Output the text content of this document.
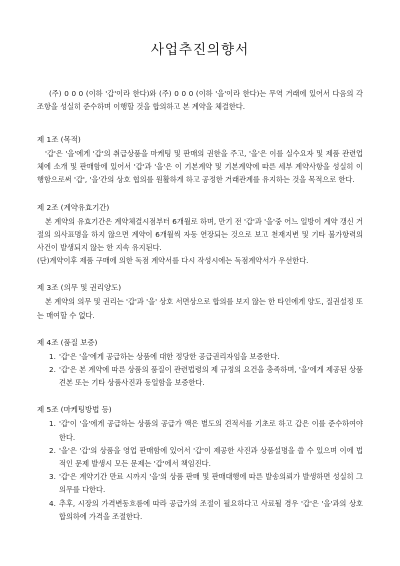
사업추진의향서

(주) 0 0 0 (이하 '갑'이라 한다)와 (주) 0 0 0 (이하 '을'이라 한다)는 무역 거래에 있어서 다음의 각 조항을 성실히 준수하며 이행할 것을 합의하고 본 계약을 체결한다.

제 1조 (목적)

'갑'은 '을'에게 '갑'의 취급상품을 마케팅 및 판매의 권한을 주고, '을'은 이를 실수요자 및 제품 관련업체에 소개 및 판매함에 있어서 '갑'과 '을'은 이 기본계약 및 기본계약에 따른 세부 계약사항을 성실히 이행함으로써 '갑', '을'간의 상호 협의를 원활하게 하고 공정한 거래관계를 유지하는 것을 목적으로 한다.

제 2조 (계약유효기간)

본 계약의 유효기간은 계약체결시점부터 6개월로 하며, 만기 전 '갑'과 '을'중 어느 일방이 계약 갱신 거절의 의사표명을 하지 않으면 계약이 6개월씩 자동 연장되는 것으로 보고 천재지변 및 기타 불가항력의 사건이 발생되지 않는 한 지속 유지된다.

(단)계약이후 제품 구매에 의한 독점 계약서를 다시 작성시에는 독점계약서가 우선한다.

제 3조 (의무 및 권리양도)

본 계약의 의무 및 권리는 '갑'과 '을' 상호 서면상으로 합의를 보지 않는 한 타인에게 양도, 질권설정 또는 매여할 수 없다.

제 4조 (품질 보증)
1. '갑'은 '을'에게 공급하는 상품에 대한 정당한 공급권리자임을 보증한다.
2. '갑'은 본 계약에 따른 상품의 품질이 관련법령의 제 규정의 요건을 충족하며, '을'에게 제공된 상품견본 또는 기타 상품사진과 동일함을 보증한다.
제 5조 (마케팅방법 등)
1. '갑'이 '을'에게 공급하는 상품의 공급가 액은 별도의 견적서를 기초로 하고 갑은 이를 준수하여야한다.
2. '을'은 '갑'의 상품을 영업 판매함에 있어서 '갑'이 제공한 사진과 상품설명을 쓸 수 있으며 이에 법적인 문제 발생시 모든 문제는 '갑'에서 책임진다.
3. '갑'은 계약기간 만료 시까지 '을'의 상품 판매 및 판매대행에 따른 발송의뢰가 발생하면 성실히 그 의무를 다한다.
4. 추후, 시장의 가격변동흐름에 따라 공급가의 조절이 필요하다고 사료될 경우 '갑'은 '을'과의 상호합의하에 가격을 조절한다.
